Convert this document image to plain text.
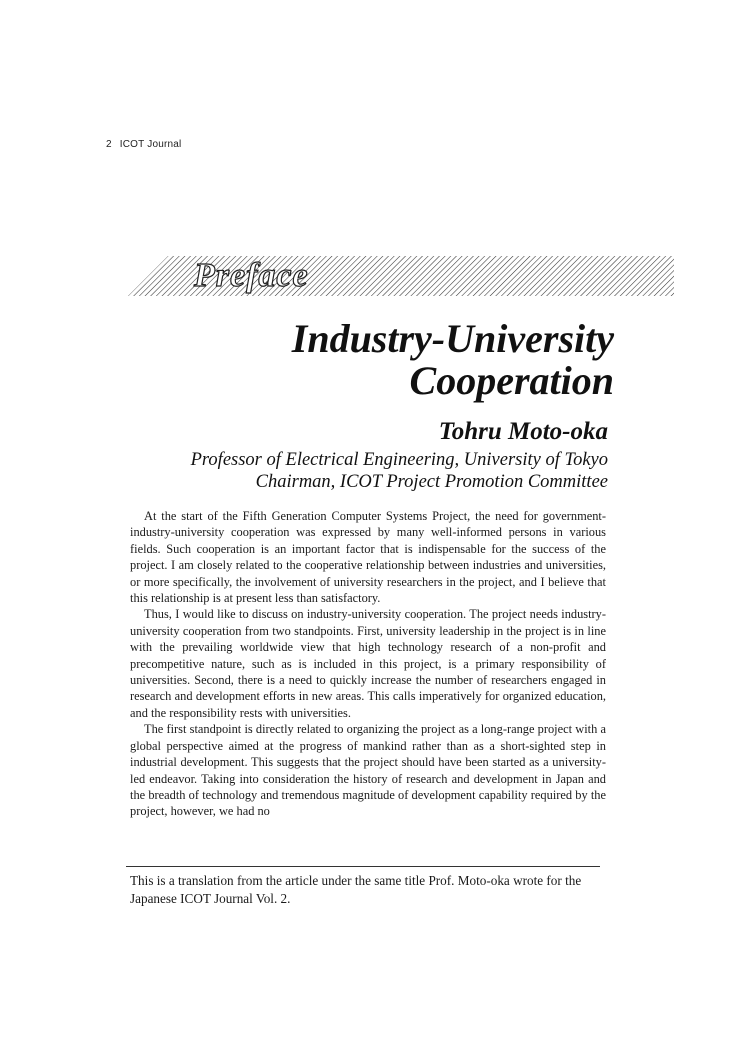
2 ICOT Journal
Preface
Industry-University
Cooperation
Tohru Moto-oka
Professor of Electrical Engineering, University of Tokyo
Chairman, ICOT Project Promotion Committee

At the start of the Fifth Generation Computer Systems Project, the need for government-industry-university cooperation was expressed by many well-informed persons in various fields. Such cooperation is an important factor that is indispensable for the success of the project. I am closely related to the cooperative relationship between industries and universities, or more specifically, the involvement of university researchers in the project, and I believe that this relationship is at present less than satisfactory.

Thus, I would like to discuss on industry-university cooperation. The project needs industry-university cooperation from two standpoints. First, university leadership in the project is in line with the prevailing worldwide view that high technology research of a non-profit and precompetitive nature, such as is included in this project, is a primary responsibility of universities. Second, there is a need to quickly increase the number of researchers engaged in research and development efforts in new areas. This calls imperatively for organized education, and the responsibility rests with universities.

The first standpoint is directly related to organizing the project as a long-range project with a global perspective aimed at the progress of mankind rather than as a short-sighted step in industrial development. This suggests that the project should have been started as a university-led endeavor. Taking into consideration the history of research and development in Japan and the breadth of technology and tremendous magnitude of development capability required by the project, however, we had no

This is a translation from the article under the same title Prof. Moto-oka wrote for the Japanese ICOT Journal Vol. 2.
